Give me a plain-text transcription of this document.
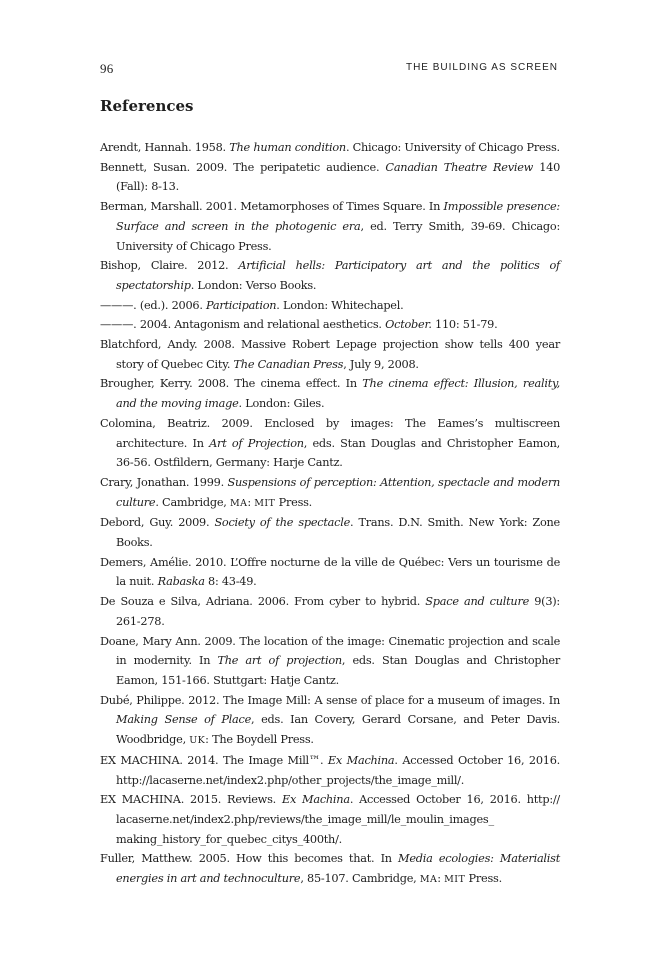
96	THE BUILDING AS SCREEN
References
Arendt, Hannah. 1958. The human condition. Chicago: University of Chicago Press.
Bennett, Susan. 2009. The peripatetic audience. Canadian Theatre Review 140 (Fall): 8-13.
Berman, Marshall. 2001. Metamorphoses of Times Square. In Impossible presence: Surface and screen in the photogenic era, ed. Terry Smith, 39-69. Chicago: University of Chicago Press.
Bishop, Claire. 2012. Artificial hells: Participatory art and the politics of spectatorship. London: Verso Books.
———. (ed.). 2006. Participation. London: Whitechapel.
———. 2004. Antagonism and relational aesthetics. October. 110: 51-79.
Blatchford, Andy. 2008. Massive Robert Lepage projection show tells 400 year story of Quebec City. The Canadian Press, July 9, 2008.
Brougher, Kerry. 2008. The cinema effect. In The cinema effect: Illusion, reality, and the moving image. London: Giles.
Colomina, Beatriz. 2009. Enclosed by images: The Eames’s multiscreen architecture. In Art of Projection, eds. Stan Douglas and Christopher Eamon, 36-56. Ostfildern, Germany: Harje Cantz.
Crary, Jonathan. 1999. Suspensions of perception: Attention, spectacle and modern culture. Cambridge, MA: MIT Press.
Debord, Guy. 2009. Society of the spectacle. Trans. D.N. Smith. New York: Zone Books.
Demers, Amélie. 2010. L’Offre nocturne de la ville de Québec: Vers un tourisme de la nuit. Rabaska 8: 43-49.
De Souza e Silva, Adriana. 2006. From cyber to hybrid. Space and culture 9(3): 261-278.
Doane, Mary Ann. 2009. The location of the image: Cinematic projection and scale in modernity. In The art of projection, eds. Stan Douglas and Christopher Eamon, 151-166. Stuttgart: Hatje Cantz.
Dubé, Philippe. 2012. The Image Mill: A sense of place for a museum of images. In Making Sense of Place, eds. Ian Covery, Gerard Corsane, and Peter Davis. Woodbridge, UK: The Boydell Press.
EX MACHINA. 2014. The Image Mill™. Ex Machina. Accessed October 16, 2016. http://lacaserne.net/index2.php/other_projects/the_image_mill/.
EX MACHINA. 2015. Reviews. Ex Machina. Accessed October 16, 2016. http:// lacaserne.net/index2.php/reviews/the_image_mill/le_moulin_images_ making_history_for_quebec_citys_400th/.
Fuller, Matthew. 2005. How this becomes that. In Media ecologies: Materialist energies in art and technoculture, 85-107. Cambridge, MA: MIT Press.
